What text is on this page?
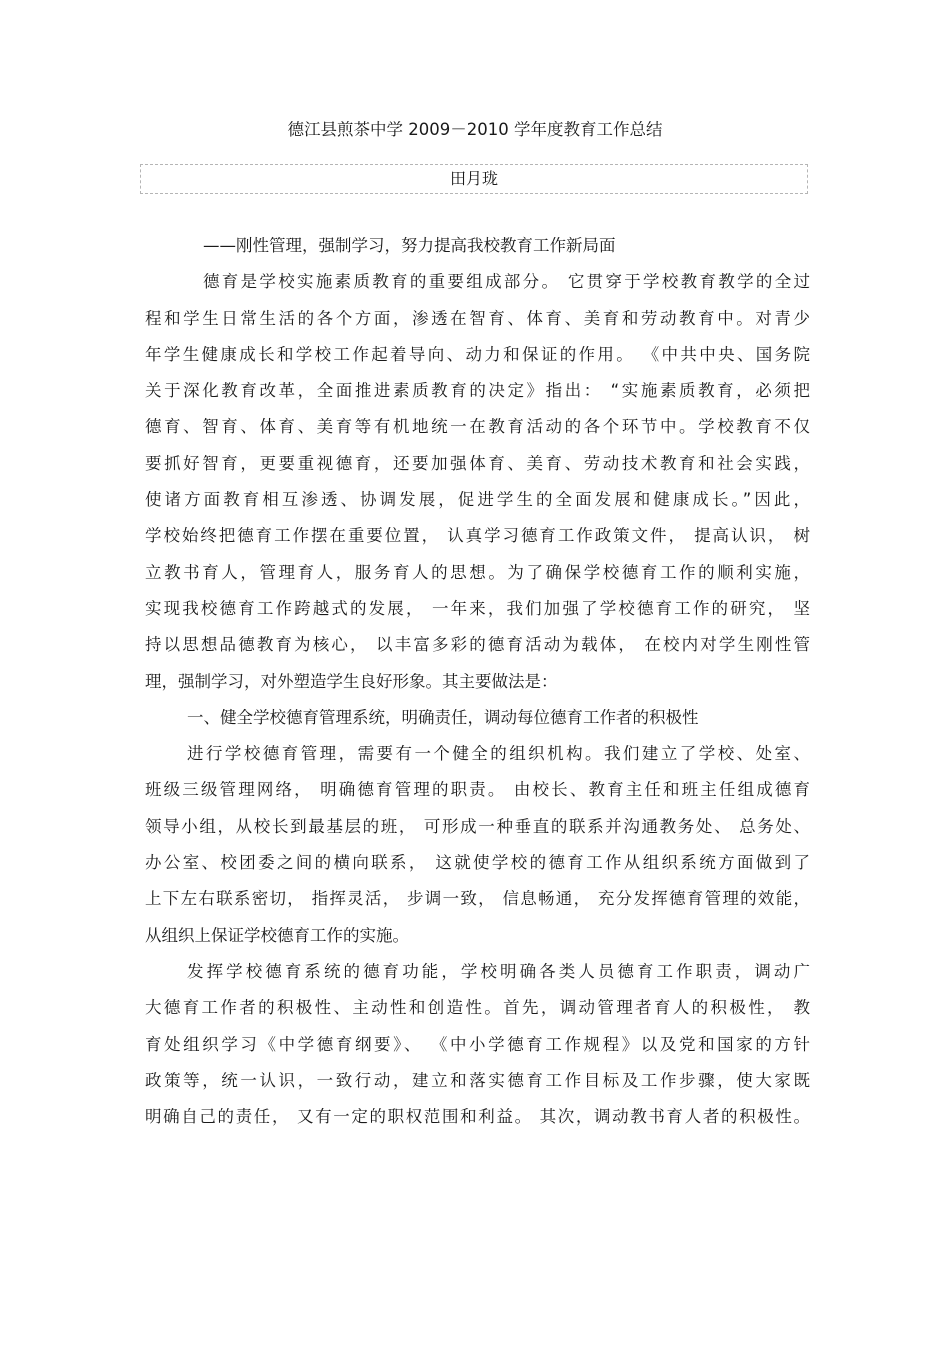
德江县煎茶中学 2009－2010 学年度教育工作总结
田月珑
——刚性管理，强制学习，努力提高我校教育工作新局面
德育是学校实施素质教育的重要组成部分。 它贯穿于学校教育教学的全过
程和学生日常生活的各个方面，渗透在智育、体育、美育和劳动教育中。对青少
年学生健康成长和学校工作起着导向、动力和保证的作用。 《中共中央、国务院
关于深化教育改革，全面推进素质教育的决定》指出： “实施素质教育，必须把
德育、智育、体育、美育等有机地统一在教育活动的各个环节中。学校教育不仅
要抓好智育，更要重视德育，还要加强体育、美育、劳动技术教育和社会实践，
使诸方面教育相互渗透、协调发展，促进学生的全面发展和健康成长。”因此，
学校始终把德育工作摆在重要位置， 认真学习德育工作政策文件， 提高认识， 树
立教书育人，管理育人，服务育人的思想。为了确保学校德育工作的顺利实施，
实现我校德育工作跨越式的发展， 一年来，我们加强了学校德育工作的研究， 坚
持以思想品德教育为核心， 以丰富多彩的德育活动为载体， 在校内对学生刚性管
理，强制学习，对外塑造学生良好形象。其主要做法是：
一、健全学校德育管理系统，明确责任，调动每位德育工作者的积极性
进行学校德育管理，需要有一个健全的组织机构。我们建立了学校、处室、
班级三级管理网络， 明确德育管理的职责。 由校长、教育主任和班主任组成德育
领导小组，从校长到最基层的班， 可形成一种垂直的联系并沟通教务处、 总务处、
办公室、校团委之间的横向联系， 这就使学校的德育工作从组织系统方面做到了
上下左右联系密切， 指挥灵活， 步调一致， 信息畅通， 充分发挥德育管理的效能，
从组织上保证学校德育工作的实施。
发挥学校德育系统的德育功能，学校明确各类人员德育工作职责，调动广
大德育工作者的积极性、主动性和创造性。首先，调动管理者育人的积极性， 教
育处组织学习《中学德育纲要》、 《中小学德育工作规程》以及党和国家的方针
政策等，统一认识，一致行动，建立和落实德育工作目标及工作步骤，使大家既
明确自己的责任， 又有一定的职权范围和利益。 其次，调动教书育人者的积极性。
